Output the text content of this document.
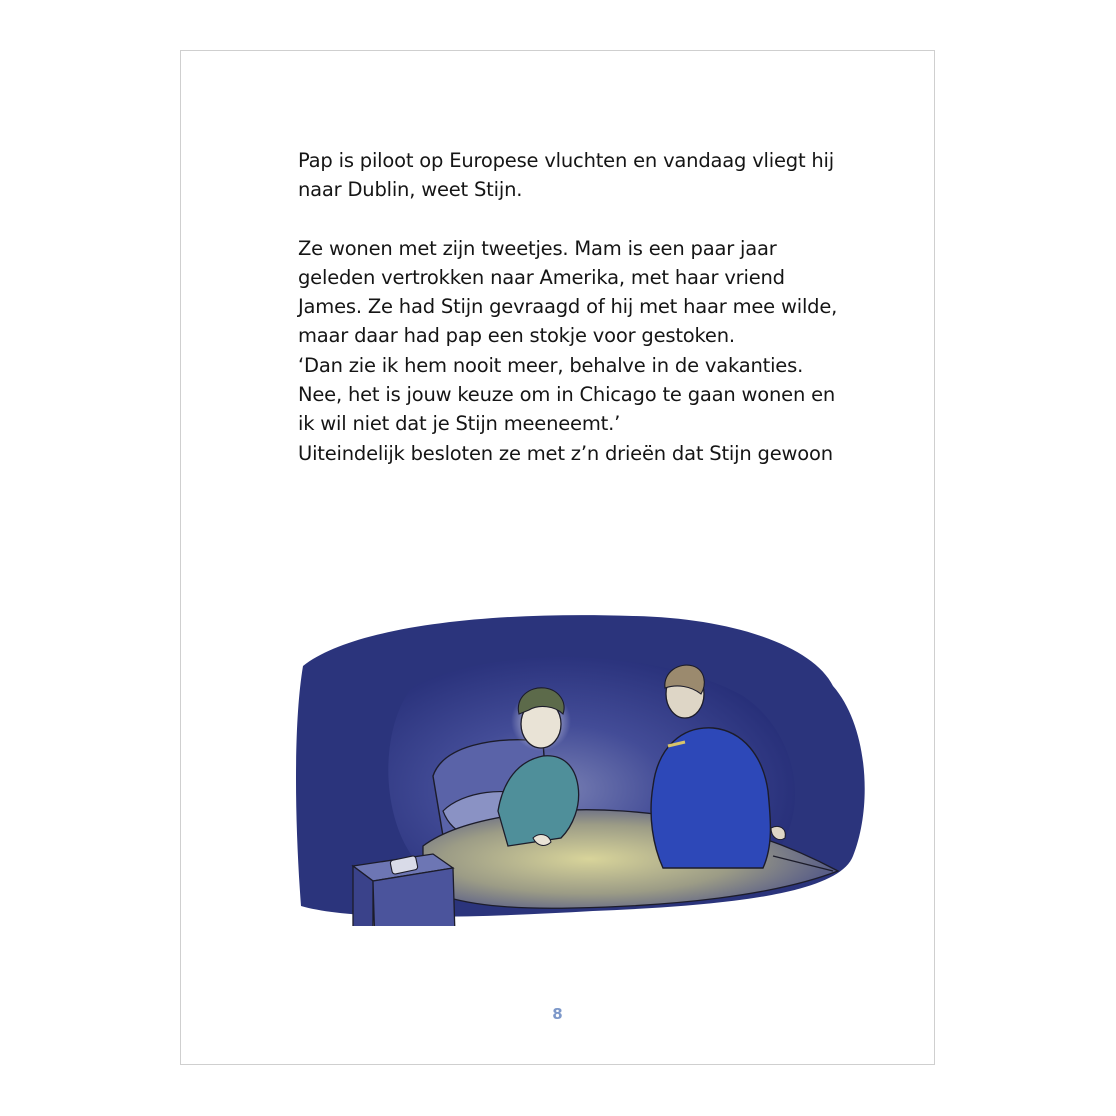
Pap is piloot op Europese vluchten en vandaag vliegt hij naar Dublin, weet Stijn.

Ze wonen met zijn tweetjes. Mam is een paar jaar geleden vertrokken naar Amerika, met haar vriend James. Ze had Stijn gevraagd of hij met haar mee wilde, maar daar had pap een stokje voor gestoken.

‘Dan zie ik hem nooit meer, behalve in de vakanties. Nee, het is jouw keuze om in Chicago te gaan wonen en ik wil niet dat je Stijn meeneemt.’

Uiteindelijk besloten ze met z’n drieën dat Stijn gewoon

8
